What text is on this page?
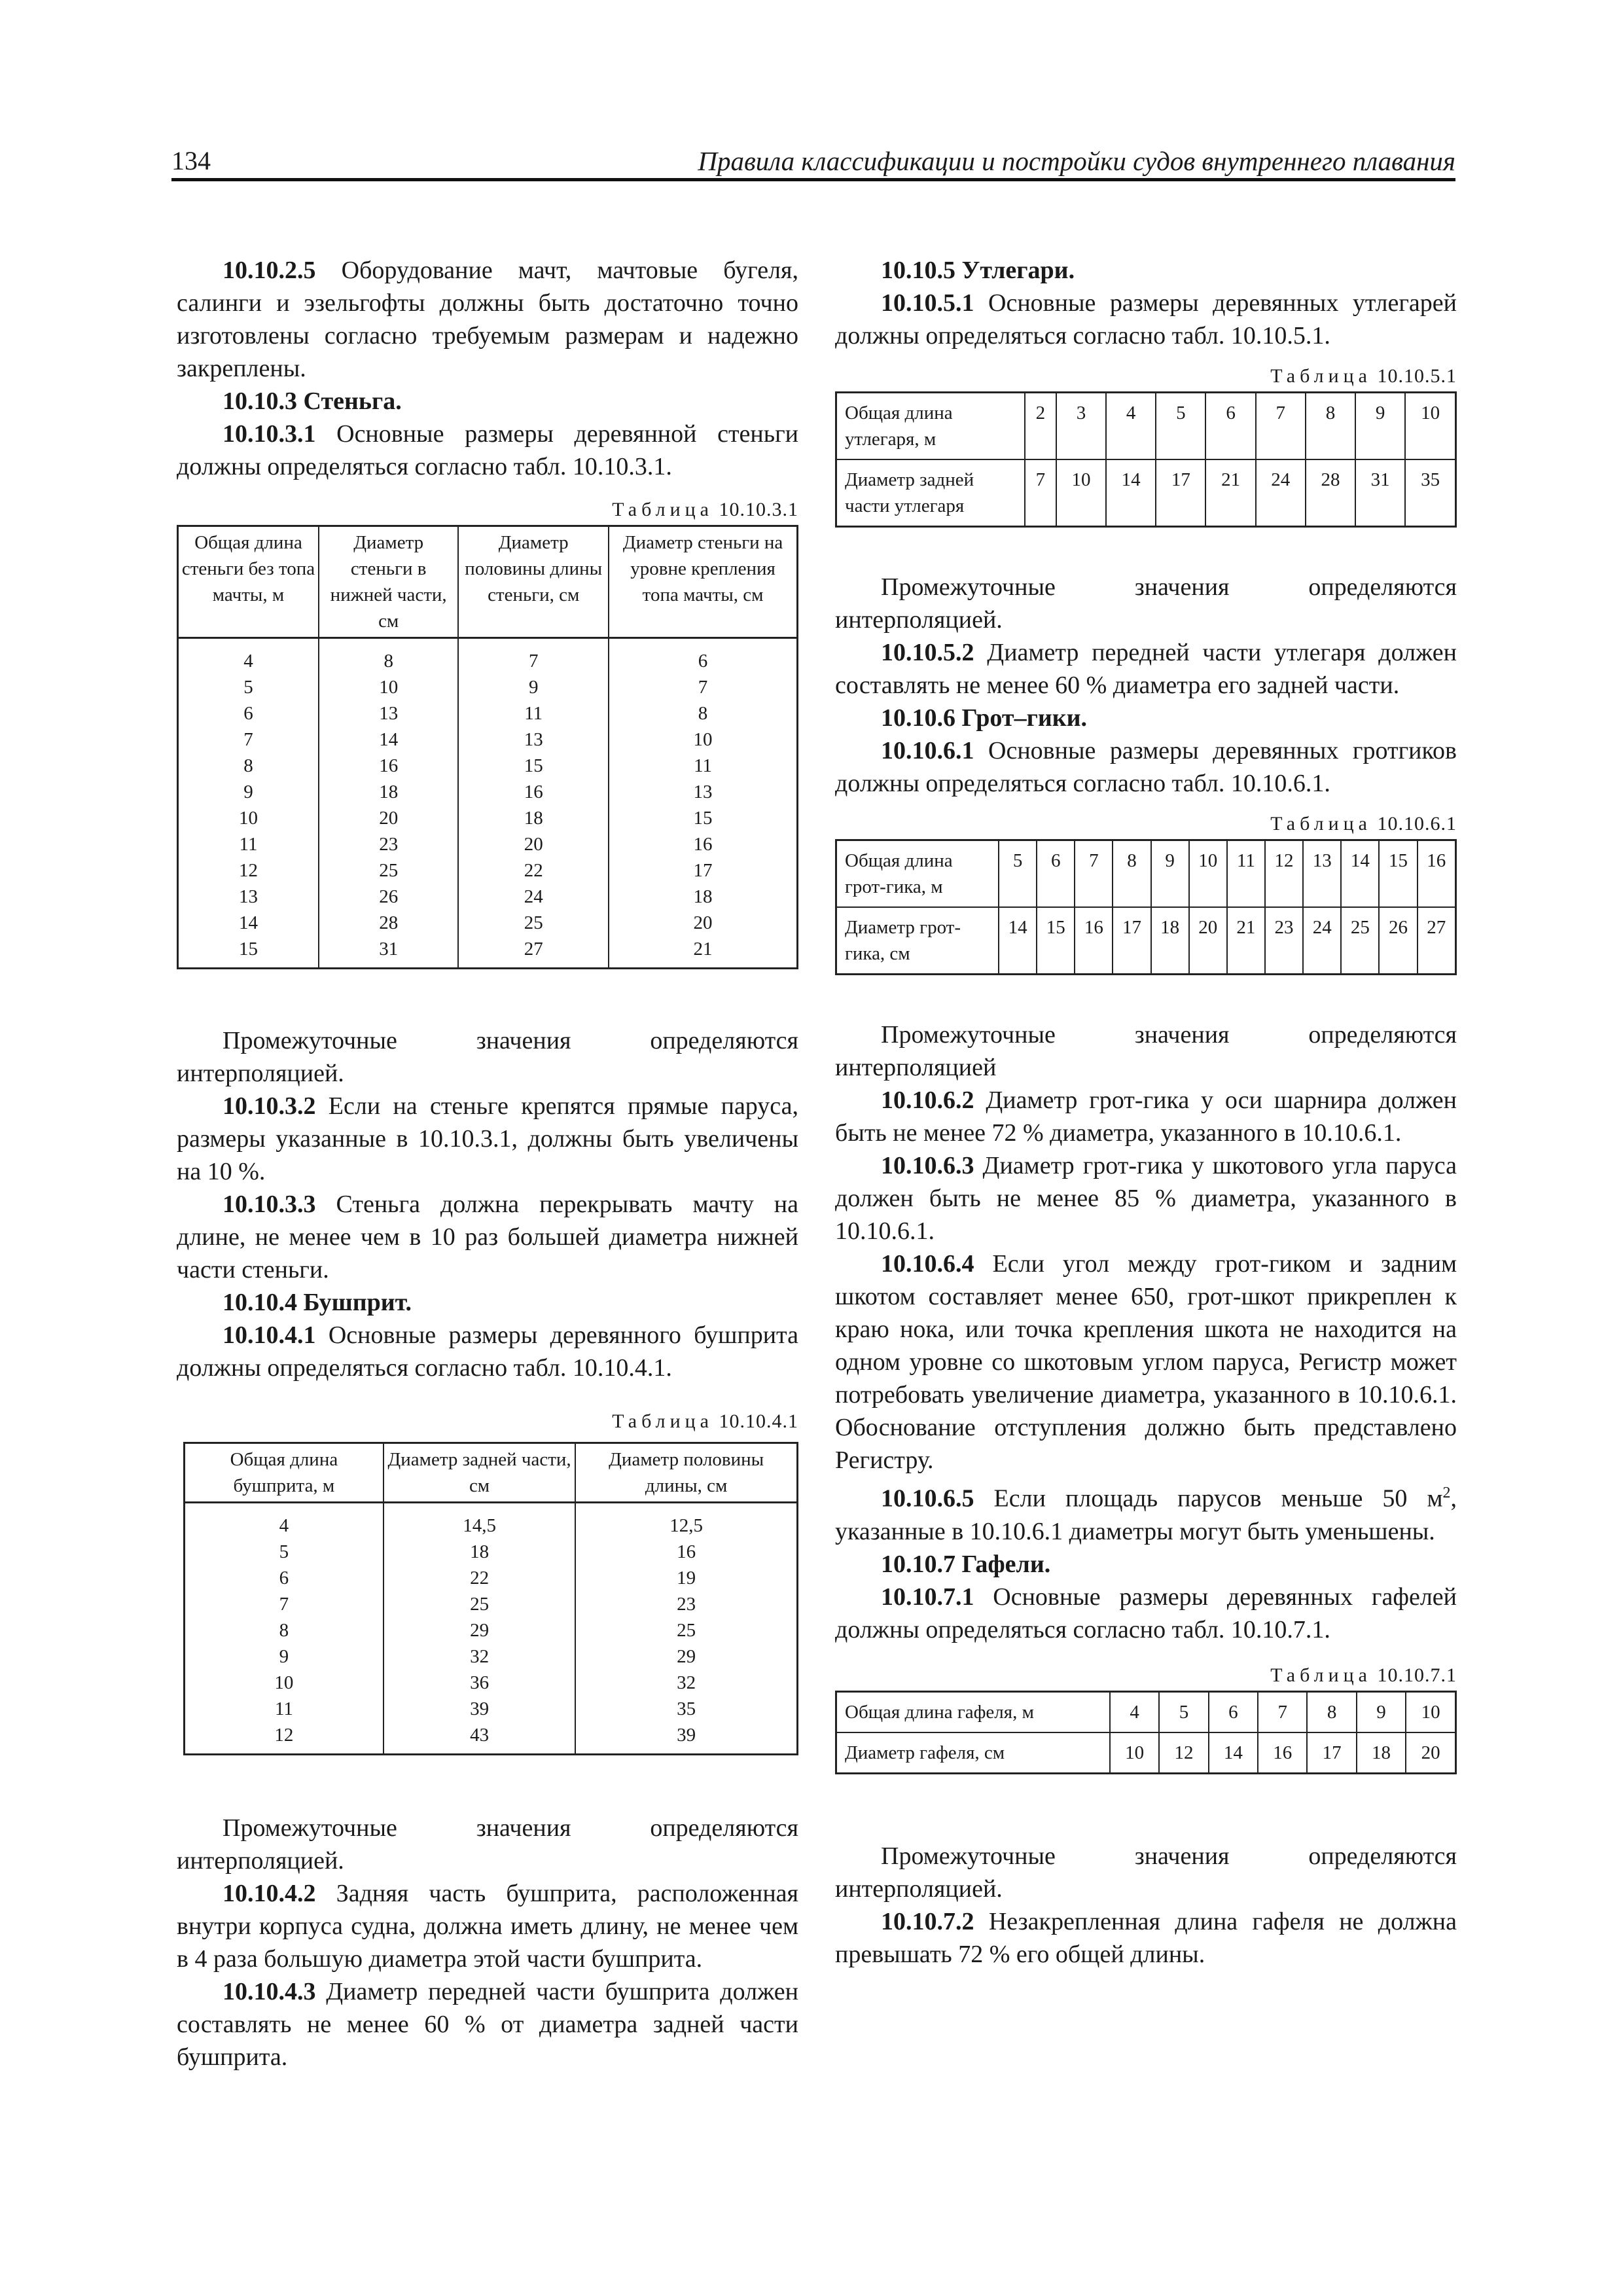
134	Правила классификации и постройки судов внутреннего плавания

10.10.2.5 Оборудование мачт, мачтовые бугеля, салинги и эзельгофты должны быть достаточно точно изготовлены согласно требуемым размерам и надежно закреплены.

10.10.3 Стеньга.

10.10.3.1 Основные размеры деревянной стеньги должны определяться согласно табл. 10.10.3.1.

Таблица 10.10.3.1

Общая длина стеньги без топа мачты, м	Диаметр стеньги в нижней части, см	Диаметр половины длины стеньги, см	Диаметр стеньги на уровне крепления топа мачты, см
4	8	7	6
5	10	9	7
6	13	11	8
7	14	13	10
8	16	15	11
9	18	16	13
10	20	18	15
11	23	20	16
12	25	22	17
13	26	24	18
14	28	25	20
15	31	27	21

Промежуточные значения определяются интерполяцией.

10.10.3.2 Если на стеньге крепятся прямые паруса, размеры указанные в 10.10.3.1, должны быть увеличены на 10 %.

10.10.3.3 Стеньга должна перекрывать мачту на длине, не менее чем в 10 раз большей диаметра нижней части стеньги.

10.10.4 Бушприт.

10.10.4.1 Основные размеры деревянного бушприта должны определяться согласно табл. 10.10.4.1.

Таблица 10.10.4.1

Общая длина бушприта, м	Диаметр задней части, см	Диаметр половины длины, см
4	14,5	12,5
5	18	16
6	22	19
7	25	23
8	29	25
9	32	29
10	36	32
11	39	35
12	43	39

Промежуточные значения определяются интерполяцией.

10.10.4.2 Задняя часть бушприта, расположенная внутри корпуса судна, должна иметь длину, не менее чем в 4 раза большую диаметра этой части бушприта.

10.10.4.3 Диаметр передней части бушприта должен составлять не менее 60 % от диаметра задней части бушприта.

10.10.5 Утлегари.

10.10.5.1 Основные размеры деревянных утлегарей должны определяться согласно табл. 10.10.5.1.

Таблица 10.10.5.1

Общая длина утлегаря, м	2	3	4	5	6	7	8	9	10
Диаметр задней части утлегаря	7	10	14	17	21	24	28	31	35

Промежуточные значения определяются интерполяцией.

10.10.5.2 Диаметр передней части утлегаря должен составлять не менее 60 % диаметра его задней части.

10.10.6 Грот–гики.

10.10.6.1 Основные размеры деревянных гротгиков должны определяться согласно табл. 10.10.6.1.

Таблица 10.10.6.1

Общая длина грот-гика, м	5	6	7	8	9	10	11	12	13	14	15	16
Диаметр грот-гика, см	14	15	16	17	18	20	21	23	24	25	26	27

Промежуточные значения определяются интерполяцией

10.10.6.2 Диаметр грот-гика у оси шарнира должен быть не менее 72 % диаметра, указанного в 10.10.6.1.

10.10.6.3 Диаметр грот-гика у шкотового угла паруса должен быть не менее 85 % диаметра, указанного в 10.10.6.1.

10.10.6.4 Если угол между грот-гиком и задним шкотом составляет менее 650, грот-шкот прикреплен к краю нока, или точка крепления шкота не находится на одном уровне со шкотовым углом паруса, Регистр может потребовать увеличение диаметра, указанного в 10.10.6.1. Обоснование отступления должно быть представлено Регистру.

10.10.6.5 Если площадь парусов меньше 50 $м^2$, указанные в 10.10.6.1 диаметры могут быть уменьшены.

10.10.7 Гафели.

10.10.7.1 Основные размеры деревянных гафелей должны определяться согласно табл. 10.10.7.1.

Таблица 10.10.7.1

Общая длина гафеля, м	4	5	6	7	8	9	10
Диаметр гафеля, см	10	12	14	16	17	18	20

Промежуточные значения определяются интерполяцией.

10.10.7.2 Незакрепленная длина гафеля не должна превышать 72 % его общей длины.
